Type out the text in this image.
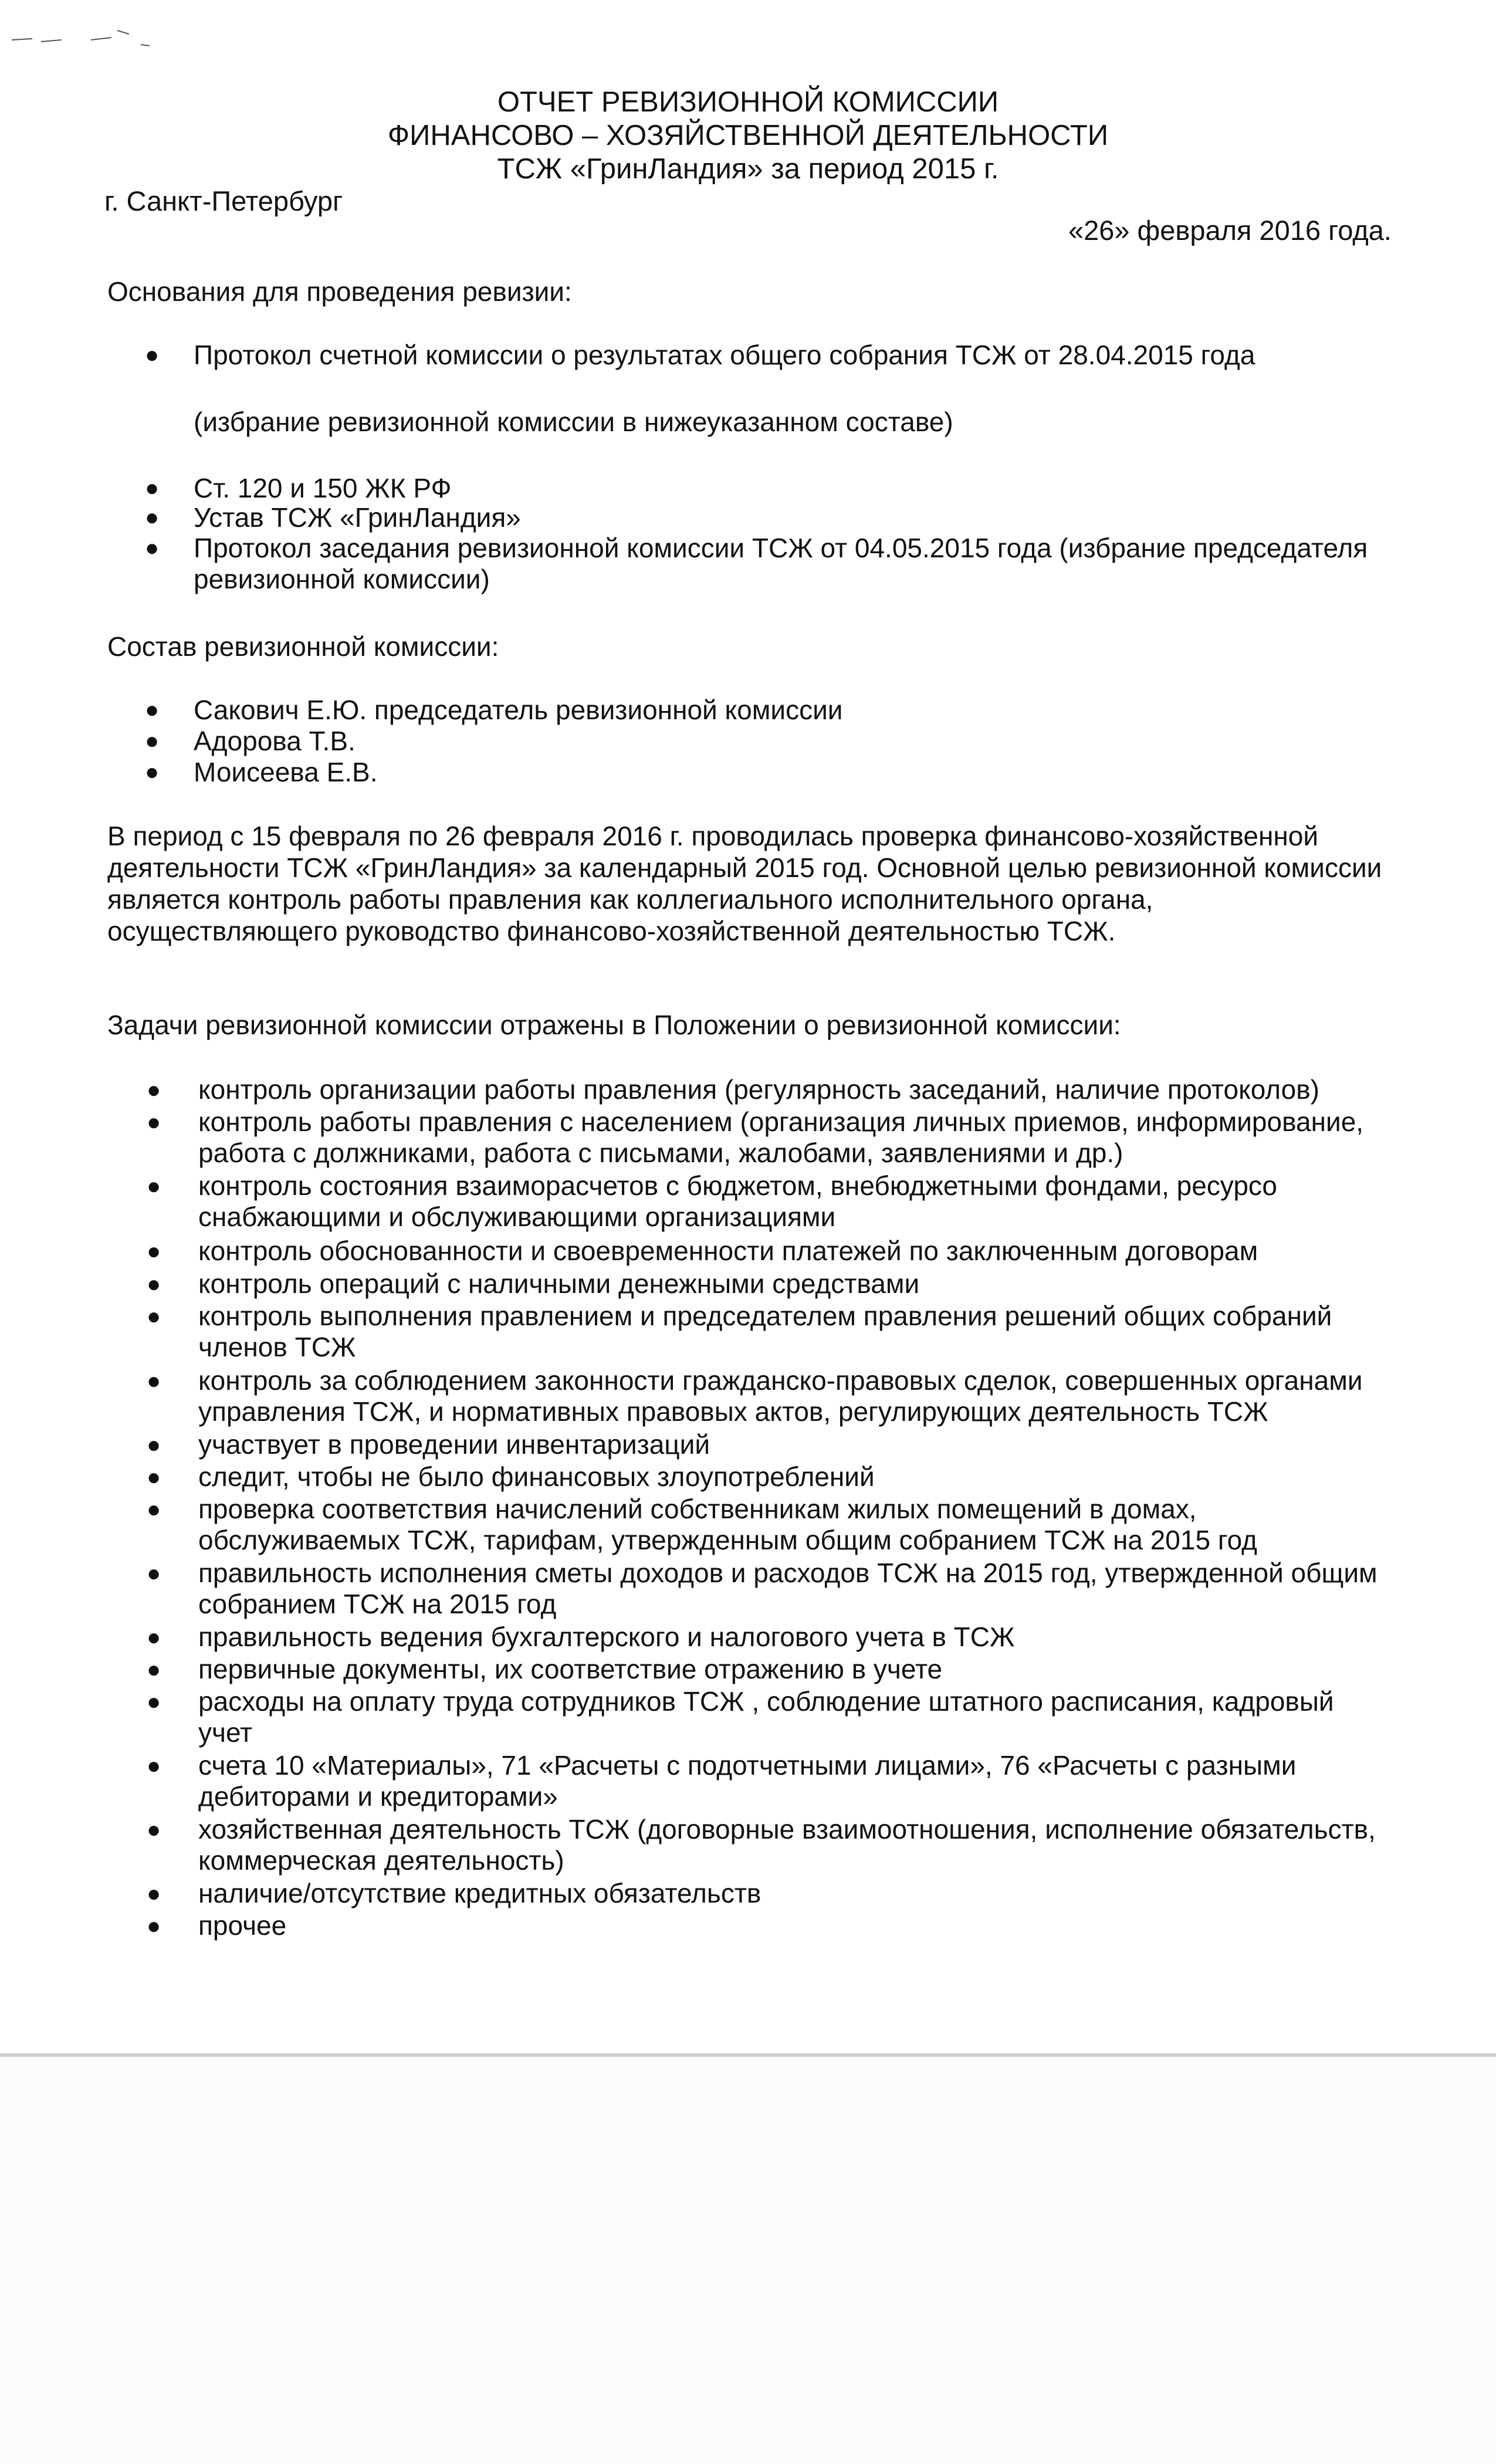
ОТЧЕТ РЕВИЗИОННОЙ КОМИССИИ
ФИНАНСОВО – ХОЗЯЙСТВЕННОЙ ДЕЯТЕЛЬНОСТИ
ТСЖ «ГринЛандия» за период 2015 г.
г. Санкт-Петербург
«26» февраля 2016 года.
Основания для проведения ревизии:
● Протокол счетной комиссии о результатах общего собрания ТСЖ от 28.04.2015 года
(избрание ревизионной комиссии в нижеуказанном составе)
● Ст. 120 и 150 ЖК РФ
● Устав ТСЖ «ГринЛандия»
● Протокол заседания ревизионной комиссии ТСЖ от 04.05.2015 года (избрание председателя
ревизионной комиссии)
Состав ревизионной комиссии:
● Сакович Е.Ю. председатель ревизионной комиссии
● Адорова Т.В.
● Моисеева Е.В.
В период с 15 февраля по 26 февраля 2016 г. проводилась проверка финансово-хозяйственной
деятельности ТСЖ «ГринЛандия» за календарный 2015 год. Основной целью ревизионной комиссии
является контроль работы правления как коллегиального исполнительного органа,
осуществляющего руководство финансово-хозяйственной деятельностью ТСЖ.
Задачи ревизионной комиссии отражены в Положении о ревизионной комиссии:
● контроль организации работы правления (регулярность заседаний, наличие протоколов)
● контроль работы правления с населением (организация личных приемов, информирование,
работа с должниками, работа с письмами, жалобами, заявлениями и др.)
● контроль состояния взаиморасчетов с бюджетом, внебюджетными фондами, ресурсо
снабжающими и обслуживающими организациями
● контроль обоснованности и своевременности платежей по заключенным договорам
● контроль операций с наличными денежными средствами
● контроль выполнения правлением и председателем правления решений общих собраний
членов ТСЖ
● контроль за соблюдением законности гражданско-правовых сделок, совершенных органами
управления ТСЖ, и нормативных правовых актов, регулирующих деятельность ТСЖ
● участвует в проведении инвентаризаций
● следит, чтобы не было финансовых злоупотреблений
● проверка соответствия начислений собственникам жилых помещений в домах,
обслуживаемых ТСЖ, тарифам, утвержденным общим собранием ТСЖ на 2015 год
● правильность исполнения сметы доходов и расходов ТСЖ на 2015 год, утвержденной общим
собранием ТСЖ на 2015 год
● правильность ведения бухгалтерского и налогового учета в ТСЖ
● первичные документы, их соответствие отражению в учете
● расходы на оплату труда сотрудников ТСЖ , соблюдение штатного расписания, кадровый
учет
● счета 10 «Материалы», 71 «Расчеты с подотчетными лицами», 76 «Расчеты с разными
дебиторами и кредиторами»
● хозяйственная деятельность ТСЖ (договорные взаимоотношения, исполнение обязательств,
коммерческая деятельность)
● наличие/отсутствие кредитных обязательств
● прочее
